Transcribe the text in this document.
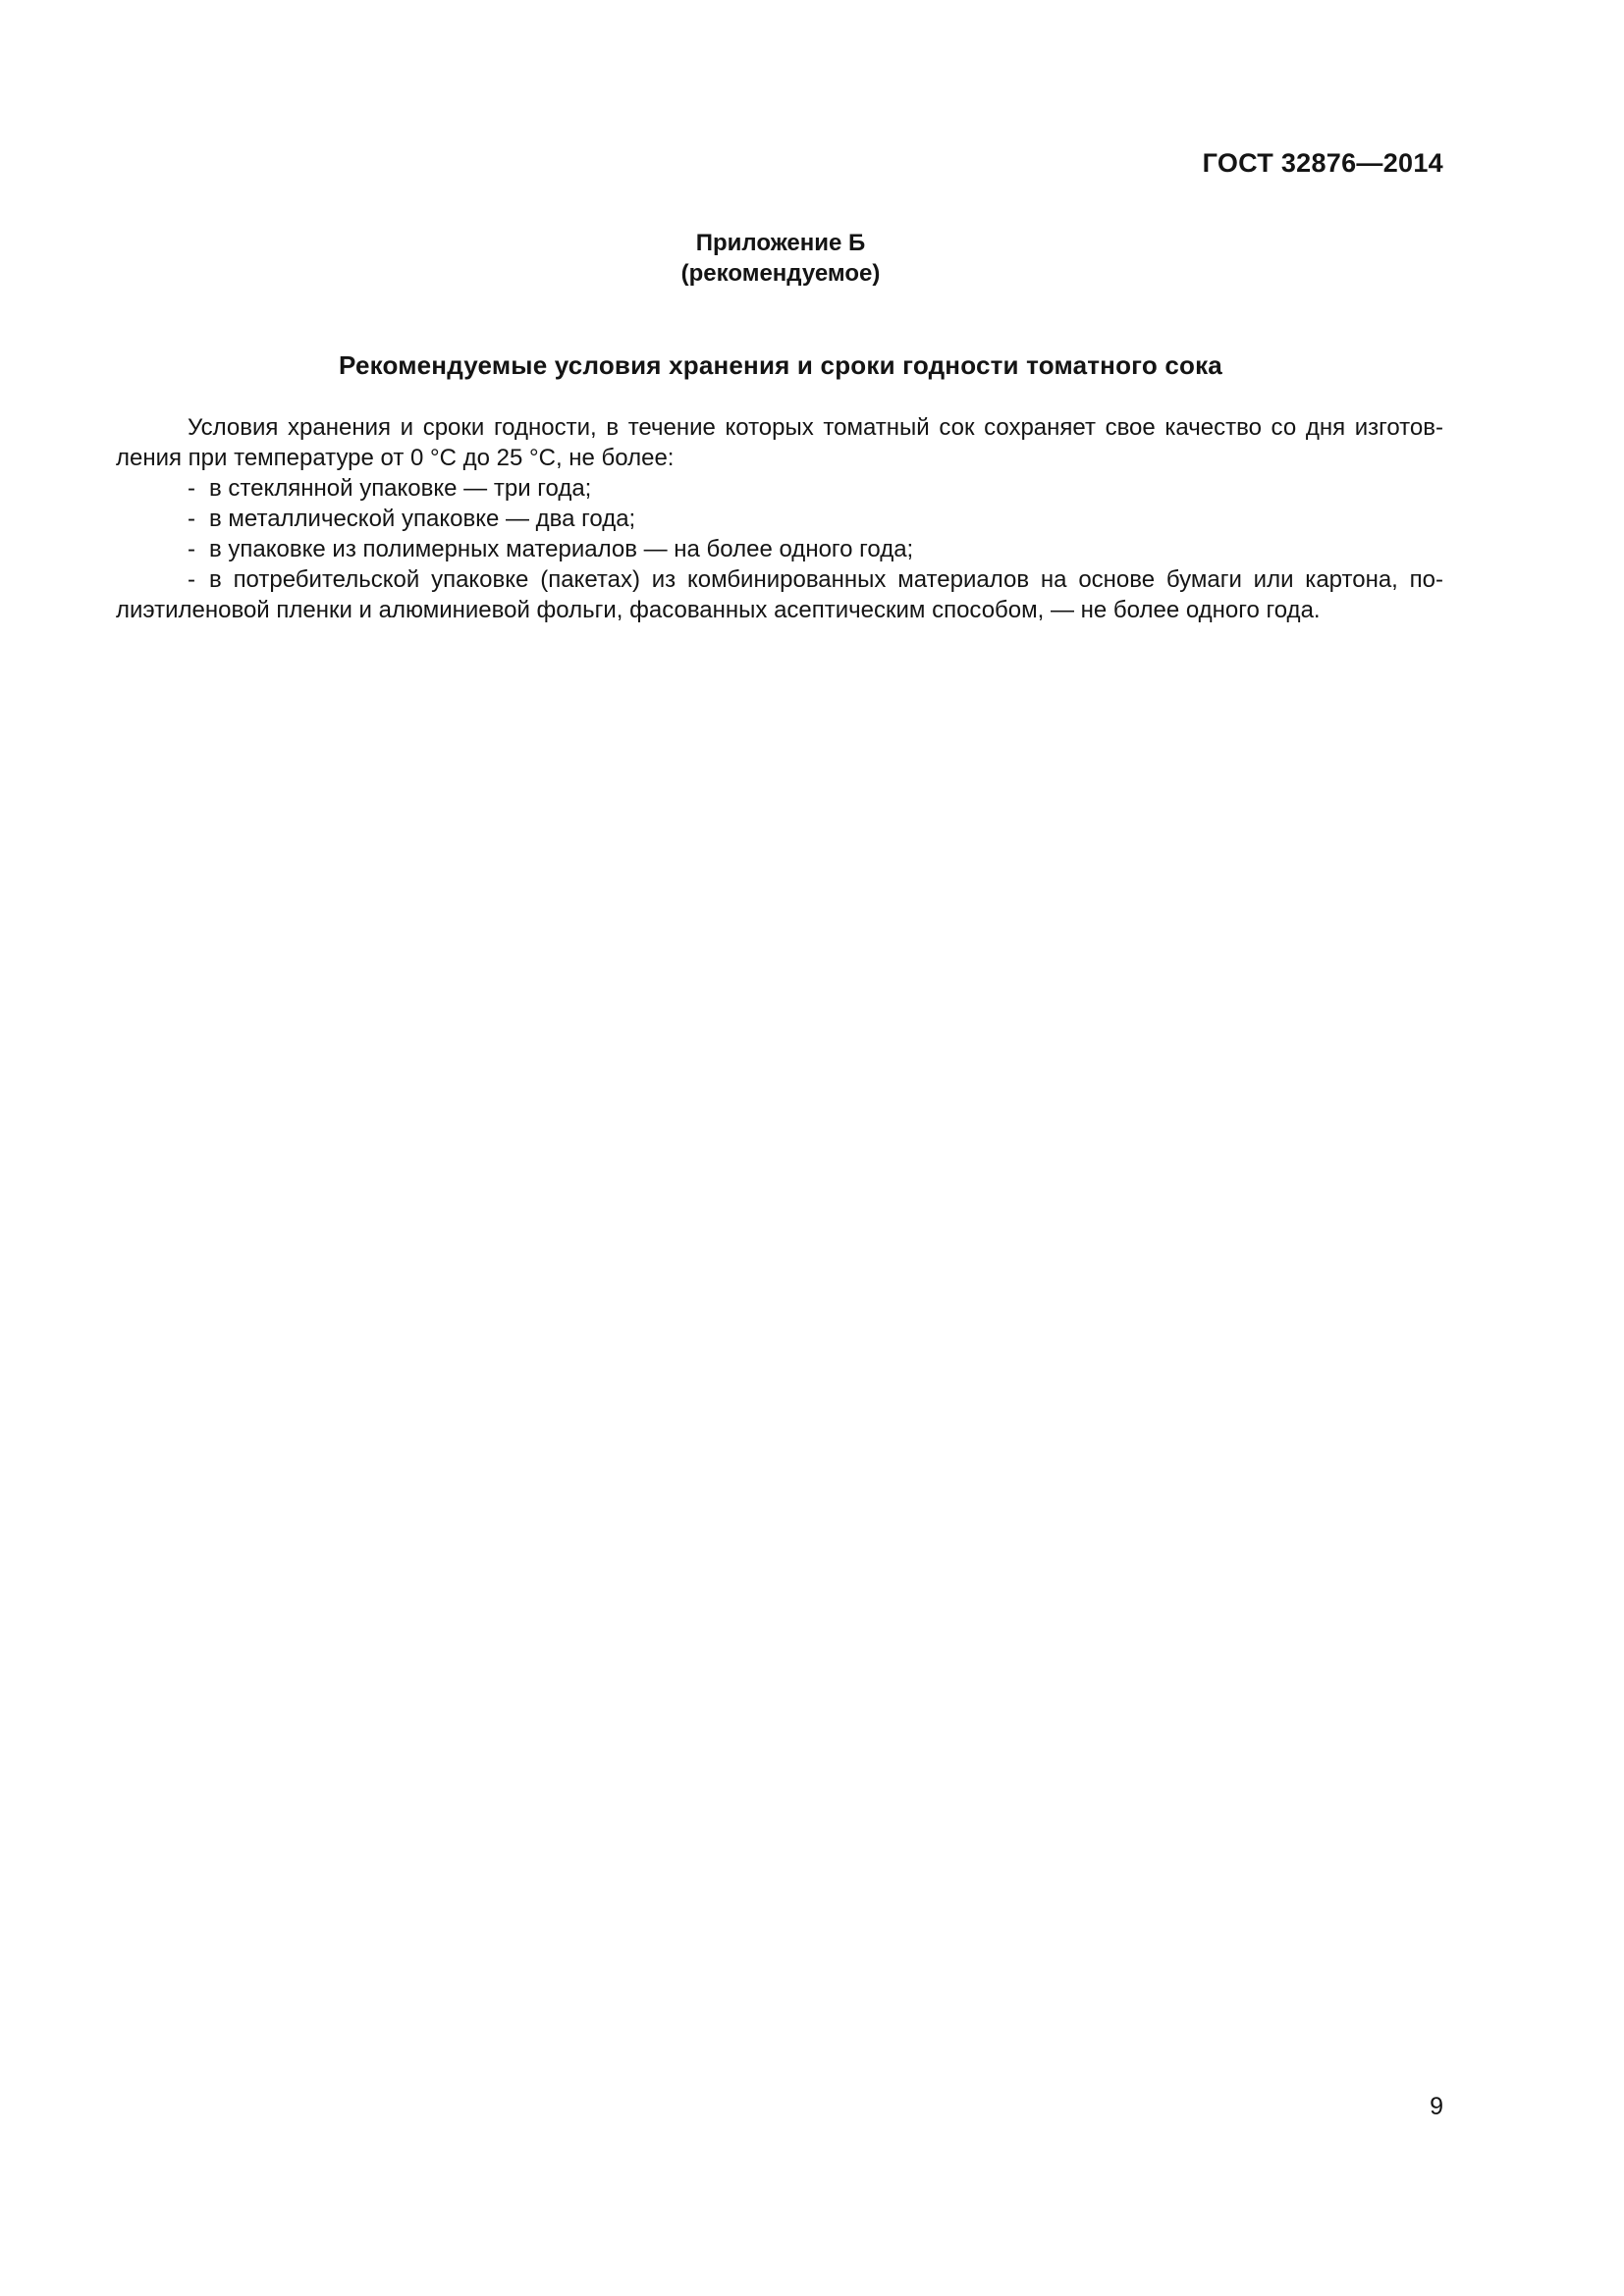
ГОСТ 32876—2014
Приложение Б
(рекомендуемое)
Рекомендуемые условия хранения и сроки годности томатного сока

Условия хранения и сроки годности, в течение которых томатный сок сохраняет свое качество со дня изготов-
ления при температуре от 0 °С до 25 °С, не более:

- в стеклянной упаковке — три года;

- в металлической упаковке — два года;

- в упаковке из полимерных материалов — на более одного года;

- в потребительской упаковке (пакетах) из комбинированных материалов на основе бумаги или картона, по-
лиэтиленовой пленки и алюминиевой фольги, фасованных асептическим способом, — не более одного года.

9
